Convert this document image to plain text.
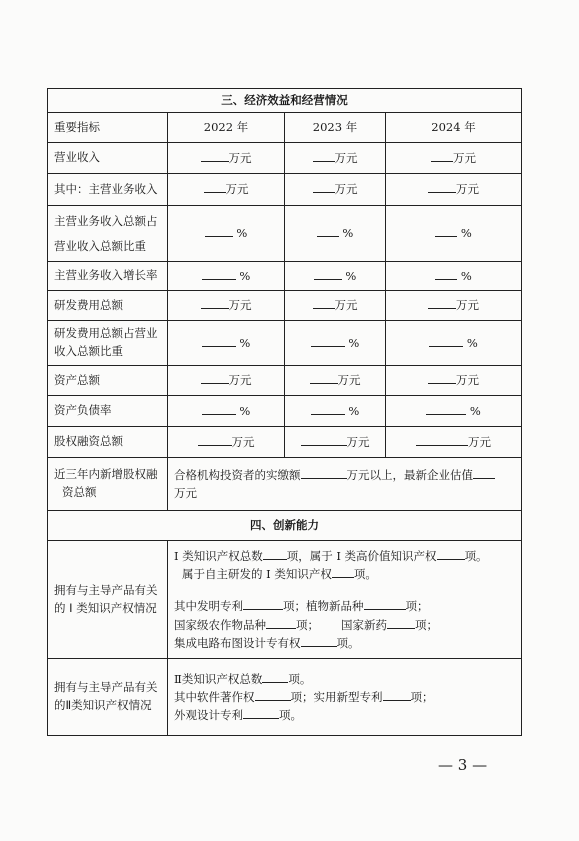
三、经济效益和经营情况			
重要指标	2022 年	2023 年	2024 年
营业收入	万元	万元	万元
其中：主营业务收入	万元	万元	万元

主营业务收入总额占
营业收入总额比重	%	%	%
主营业务收入增长率	%	%	%
研发费用总额	万元	万元	万元

研发费用总额占营业
收入总额比重	%	%	%
资产总额	万元	万元	万元
资产负债率	%	%	%
股权融资总额	万元	万元	万元

近三年内新增股权融
资总额	合格机构投资者的实缴额 万元以上，最新企业估值
万元		

四、创新能力			

拥有与主导产品有关
的 I 类知识产权情况	I 类知识产权总数 项，属于 I 类高价值知识产权 项。
属于自主研发的 I 类知识产权 项。
其中发明专利 项；植物新品种 项；
国家级农作物品种 项； 国家新药 项；
集成电路布图设计专有权 项。		

拥有与主导产品有关
的Ⅱ类知识产权情况	Ⅱ类知识产权总数 项。
其中软件著作权 项；实用新型专利 项；
外观设计专利 项。		
— 3 —
